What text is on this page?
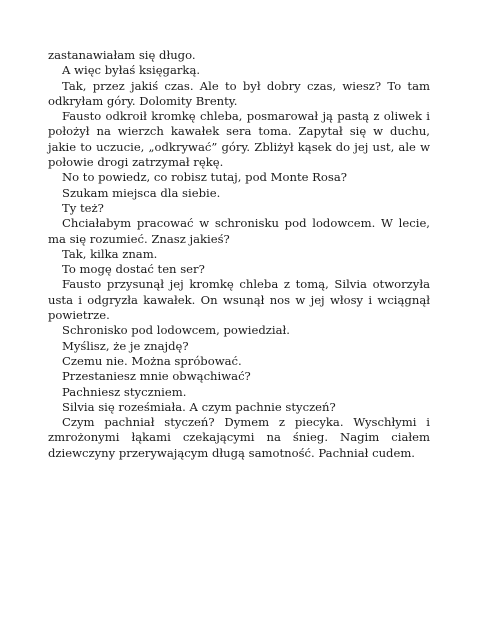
zastanawiałam się długo.

A więc byłaś księgarką.

Tak, przez jakiś czas. Ale to był dobry czas, wiesz? To tam odkryłam góry. Dolomity Brenty.

Fausto odkroił kromkę chleba, posmarował ją pastą z oliwek i położył na wierzch kawałek sera toma. Zapytał się w duchu, jakie to uczucie, „odkrywać” góry. Zbliżył kąsek do jej ust, ale w połowie drogi zatrzymał rękę.

No to powiedz, co robisz tutaj, pod Monte Rosa?

Szukam miejsca dla siebie.

Ty też?

Chciałabym pracować w schronisku pod lodowcem. W lecie, ma się rozumieć. Znasz jakieś?

Tak, kilka znam.

To mogę dostać ten ser?

Fausto przysunął jej kromkę chleba z tomą, Silvia otworzyła usta i odgryzła kawałek. On wsunął nos w jej włosy i wciągnął powietrze.

Schronisko pod lodowcem, powiedział.

Myślisz, że je znajdę?

Czemu nie. Można spróbować.

Przestaniesz mnie obwąchiwać?

Pachniesz styczniem.

Silvia się roześmiała. A czym pachnie styczeń?

Czym pachniał styczeń? Dymem z piecyka. Wyschłymi i zmrożonymi łąkami czekającymi na śnieg. Nagim ciałem dziewczyny przerywającym długą samotność. Pachniał cudem.
